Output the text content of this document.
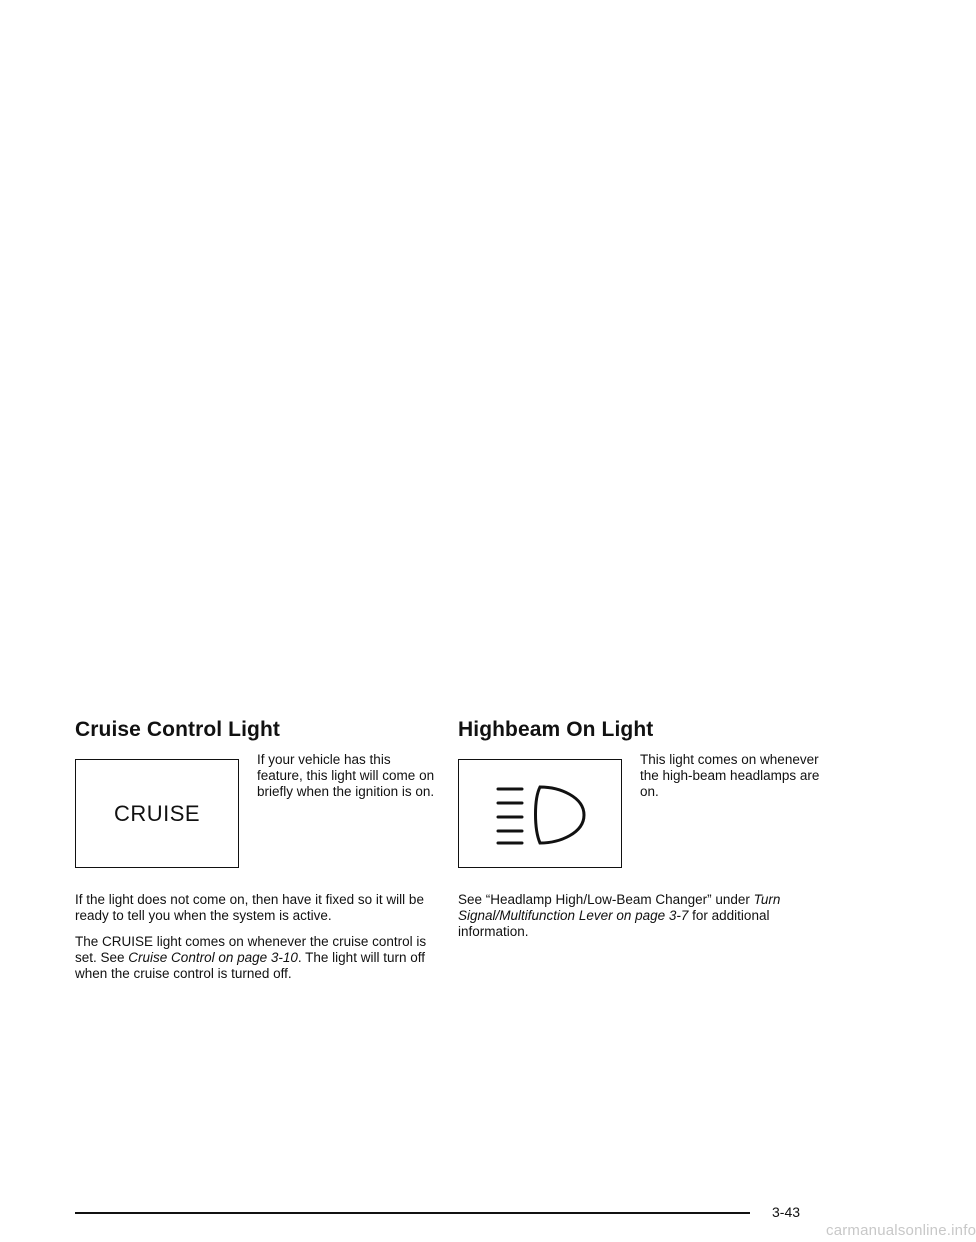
Cruise Control Light
CRUISE

If your vehicle has this feature, this light will come on briefly when the ignition is on.

If the light does not come on, then have it fixed so it will be ready to tell you when the system is active.

The CRUISE light comes on whenever the cruise control is set. See Cruise Control on page 3-10. The light will turn off when the cruise control is turned off.

Highbeam On Light

This light comes on whenever the high-beam headlamps are on.

See “Headlamp High/Low-Beam Changer” under Turn Signal/Multifunction Lever on page 3-7 for additional information.

3-43
carmanualsonline.info
